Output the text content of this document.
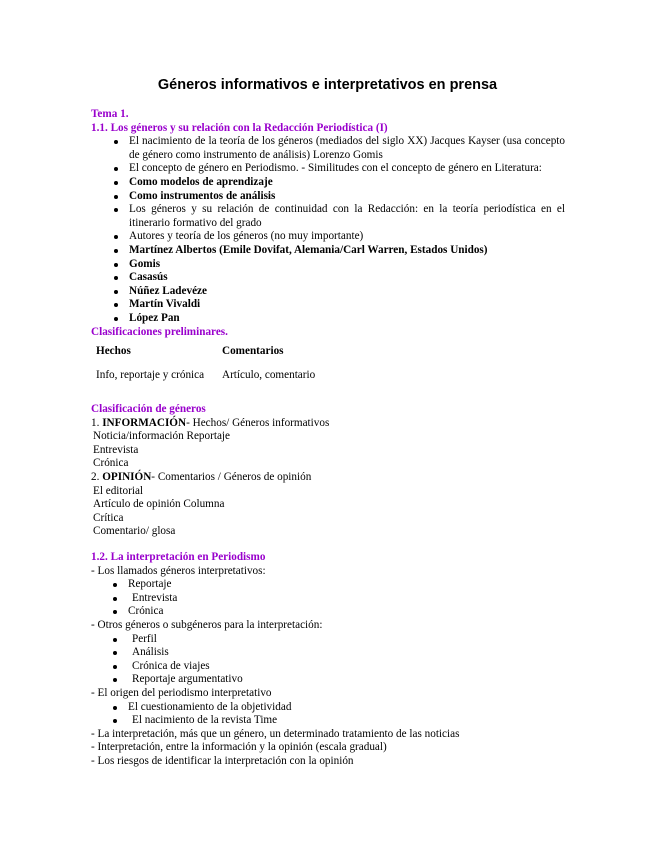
Géneros informativos e interpretativos en prensa
Tema 1.
1.1. Los géneros y su relación con la Redacción Periodística (I)
El nacimiento de la teoría de los géneros (mediados del siglo XX) Jacques Kayser (usa concepto de género como instrumento de análisis) Lorenzo Gomis
El concepto de género en Periodismo. - Similitudes con el concepto de género en Literatura:
Como modelos de aprendizaje
Como instrumentos de análisis
Los géneros y su relación de continuidad con la Redacción: en la teoría periodística en el itinerario formativo del grado
Autores y teoría de los géneros (no muy importante)
Martínez Albertos (Emile Dovifat, Alemania/Carl Warren, Estados Unidos)
Gomis
Casasús
Núñez Ladevéze
Martín Vivaldi
López Pan
Clasificaciones preliminares.
Hechos	Comentarios

Info, reportaje y crónica	Artículo, comentario
Clasificación de géneros
1. INFORMACIÓN- Hechos/ Géneros informativos
Noticia/información Reportaje
Entrevista
Crónica
2. OPINIÓN- Comentarios / Géneros de opinión
El editorial
Artículo de opinión Columna
Crítica
Comentario/ glosa
1.2. La interpretación en Periodismo
- Los llamados géneros interpretativos:
Reportaje
Entrevista
Crónica
- Otros géneros o subgéneros para la interpretación:
Perfil
Análisis
Crónica de viajes
Reportaje argumentativo
- El origen del periodismo interpretativo
El cuestionamiento de la objetividad
El nacimiento de la revista Time
- La interpretación, más que un género, un determinado tratamiento de las noticias
- Interpretación, entre la información y la opinión (escala gradual)
- Los riesgos de identificar la interpretación con la opinión
